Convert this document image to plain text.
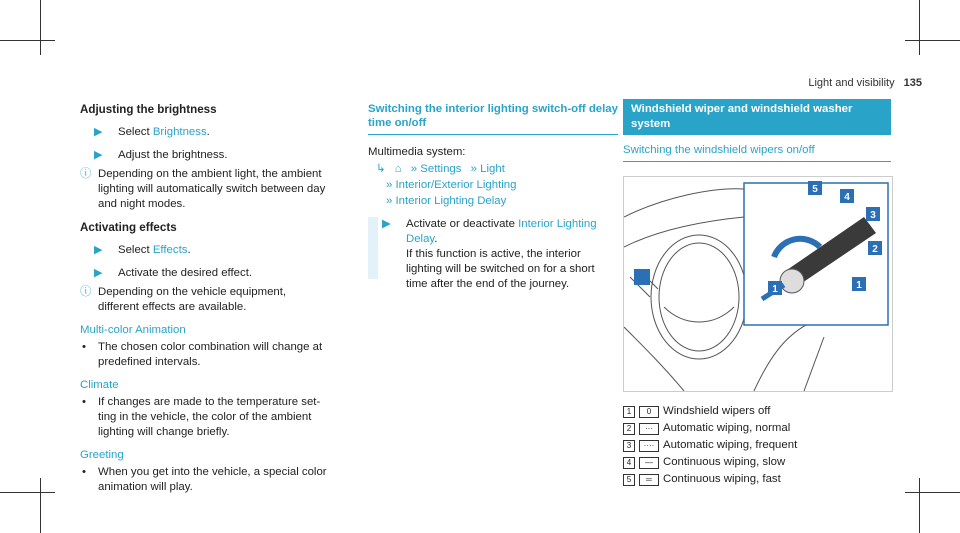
Light and visibility 135
Adjusting the brightness
▶ Select Brightness.
▶ Adjust the brightness.
ⓘ Depending on the ambient light, the ambient lighting will automatically switch between day and night modes.
Activating effects
▶ Select Effects.
▶ Activate the desired effect.
ⓘ Depending on the vehicle equipment, different effects are available.
Multi-color Animation
• The chosen color combination will change at predefined intervals.
Climate
• If changes are made to the temperature set-ting in the vehicle, the color of the ambient lighting will change briefly.
Greeting
• When you get into the vehicle, a special color animation will play.
Switching the interior lighting switch-off delay time on/off
Multimedia system:
↳ ⌂ » Settings » Light
» Interior/Exterior Lighting
» Interior Lighting Delay
▶ Activate or deactivate Interior Lighting Delay.
If this function is active, the interior lighting will be switched on for a short time after the end of the journey.
Windshield wiper and windshield washer system
Switching the windshield wipers on/off
5
4
3
2
1
1
1	0	Windshield wipers off
2	··· Automatic wiping, normal
3	···· Automatic wiping, frequent
4	— Continuous wiping, slow
5	═ Continuous wiping, fast
